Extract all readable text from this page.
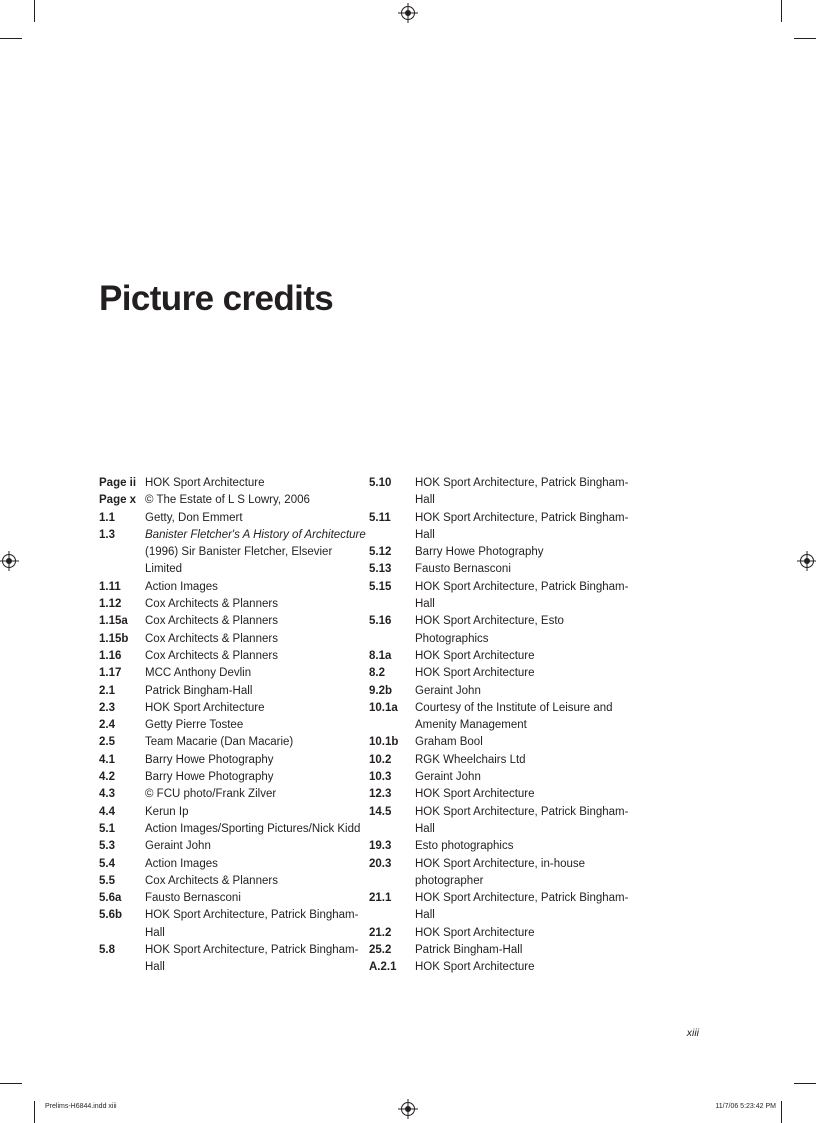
Picture credits
Page ii HOK Sport Architecture
Page x © The Estate of L S Lowry, 2006
1.1	Getty, Don Emmert
1.3	Banister Fletcher's A History of Architecture (1996) Sir Banister Fletcher, Elsevier Limited
1.11	Action Images
1.12	Cox Architects & Planners
1.15a	Cox Architects & Planners
1.15b	Cox Architects & Planners
1.16	Cox Architects & Planners
1.17	MCC Anthony Devlin
2.1	Patrick Bingham-Hall
2.3	HOK Sport Architecture
2.4	Getty Pierre Tostee
2.5	Team Macarie (Dan Macarie)
4.1	Barry Howe Photography
4.2	Barry Howe Photography
4.3	© FCU photo/Frank Zilver
4.4	Kerun Ip
5.1	Action Images/Sporting Pictures/Nick Kidd
5.3	Geraint John
5.4	Action Images
5.5	Cox Architects & Planners
5.6a	Fausto Bernasconi
5.6b	HOK Sport Architecture, Patrick Bingham-Hall
5.8	HOK Sport Architecture, Patrick Bingham-Hall
5.10	HOK Sport Architecture, Patrick Bingham-Hall
5.11	HOK Sport Architecture, Patrick Bingham-Hall
5.12	Barry Howe Photography
5.13	Fausto Bernasconi
5.15	HOK Sport Architecture, Patrick Bingham-Hall
5.16	HOK Sport Architecture, Esto Photographics
8.1a	HOK Sport Architecture
8.2	HOK Sport Architecture
9.2b	Geraint John
10.1a	Courtesy of the Institute of Leisure and Amenity Management
10.1b	Graham Bool
10.2	RGK Wheelchairs Ltd
10.3	Geraint John
12.3	HOK Sport Architecture
14.5	HOK Sport Architecture, Patrick Bingham-Hall
19.3	Esto photographics
20.3	HOK Sport Architecture, in-house photographer
21.1	HOK Sport Architecture, Patrick Bingham-Hall
21.2	HOK Sport Architecture
25.2	Patrick Bingham-Hall
A.2.1	HOK Sport Architecture
xiii
Prelims-H6844.indd xiii	11/7/06 5:23:42 PM
